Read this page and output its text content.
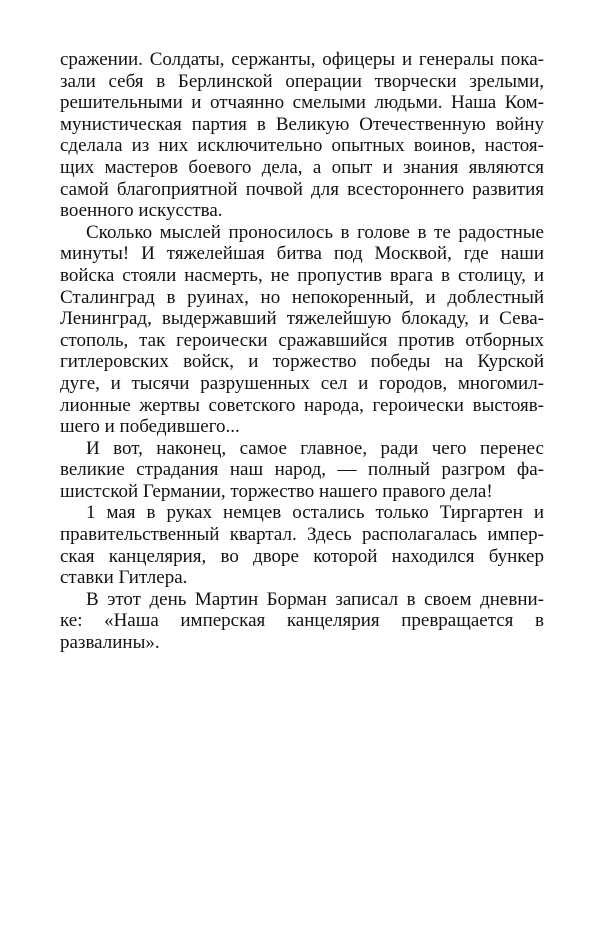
сражении. Солдаты, сержанты, офицеры и генералы пока-
зали себя в Берлинской операции творчески зрелыми,
решительными и отчаянно смелыми людьми. Наша Ком-
мунистическая партия в Великую Отечественную войну
сделала из них исключительно опытных воинов, настоя-
щих мастеров боевого дела, а опыт и знания являются
самой благоприятной почвой для всестороннего развития
военного искусства.
Сколько мыслей проносилось в голове в те радостные
минуты! И тяжелейшая битва под Москвой, где наши
войска стояли насмерть, не пропустив врага в столицу, и
Сталинград в руинах, но непокоренный, и доблестный
Ленинград, выдержавший тяжелейшую блокаду, и Сева-
стополь, так героически сражавшийся против отборных
гитлеровских войск, и торжество победы на Курской
дуге, и тысячи разрушенных сел и городов, многомил-
лионные жертвы советского народа, героически выстояв-
шего и победившего...
И вот, наконец, самое главное, ради чего перенес
великие страдания наш народ, — полный разгром фа-
шистской Германии, торжество нашего правого дела!
1 мая в руках немцев остались только Тиргартен и
правительственный квартал. Здесь располагалась импер-
ская канцелярия, во дворе которой находился бункер
ставки Гитлера.
В этот день Мартин Борман записал в своем дневни-
ке: «Наша имперская канцелярия превращается в
развалины».
